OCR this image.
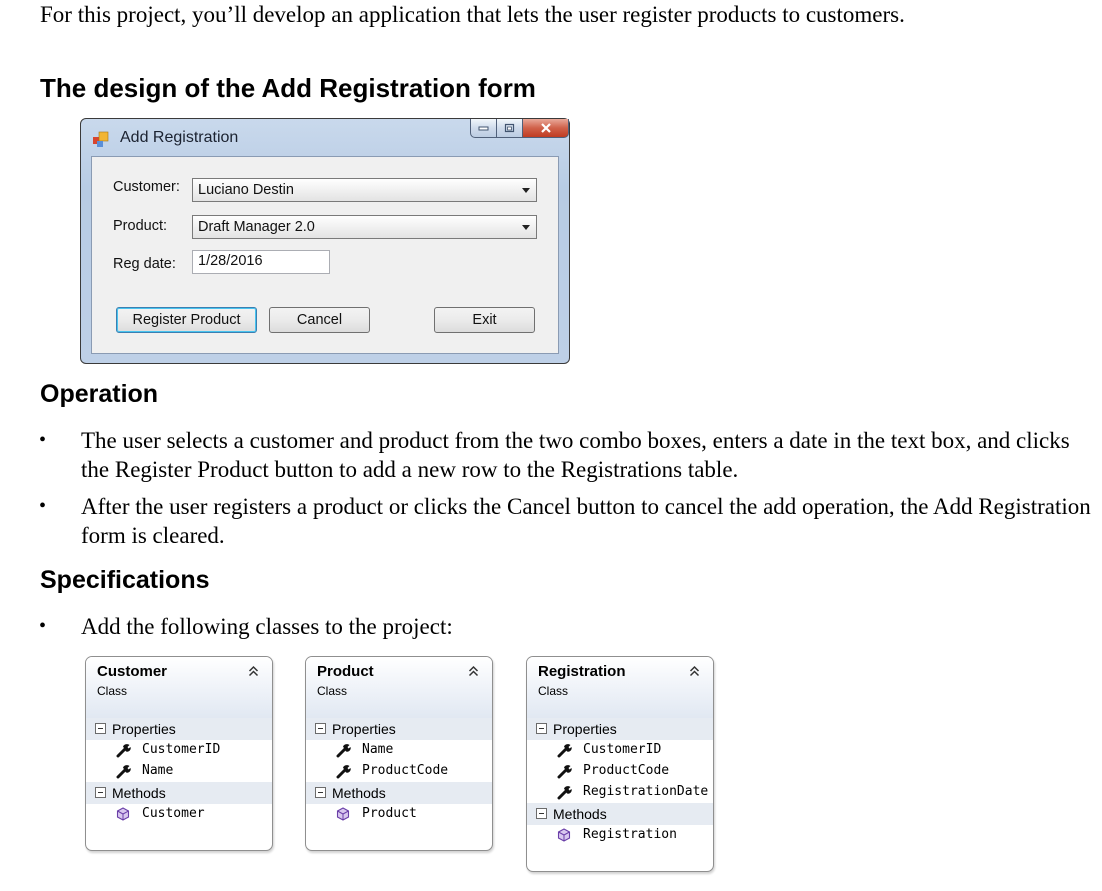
For this project, you’ll develop an application that lets the user register products to customers.
The design of the Add Registration form
Add Registration
Customer:	Luciano Destin
Product:	Draft Manager 2.0
Reg date:	1/28/2016
Register Product	Cancel	Exit
Operation
• The user selects a customer and product from the two combo boxes, enters a date in the text box, and clicks the Register Product button to add a new row to the Registrations table.
• After the user registers a product or clicks the Cancel button to cancel the add operation, the Add Registration form is cleared.
• Add the following classes to the project:
Specifications
Customer
Class
Properties
CustomerID
Name
Methods
Customer
Product
Class
Properties
Name
ProductCode
Methods
Product
Registration
Class
Properties
CustomerID
ProductCode
RegistrationDate
Methods
Registration
